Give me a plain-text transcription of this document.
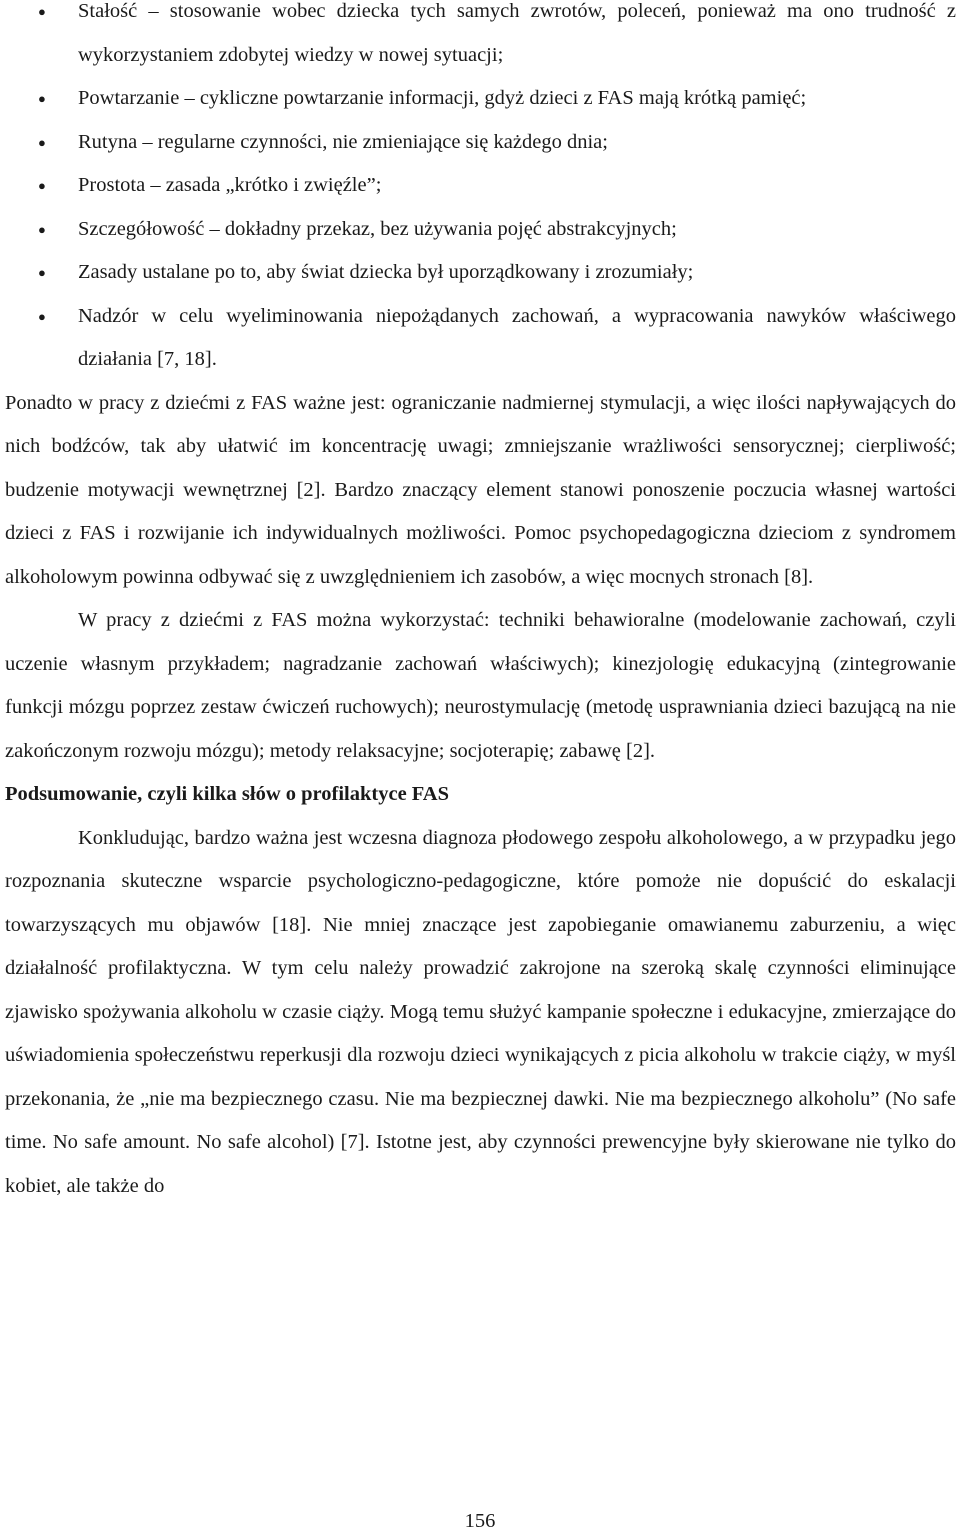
● Stałość – stosowanie wobec dziecka tych samych zwrotów, poleceń, ponieważ ma ono trudność z wykorzystaniem zdobytej wiedzy w nowej sytuacji;
● Powtarzanie – cykliczne powtarzanie informacji, gdyż dzieci z FAS mają krótką pamięć;
● Rutyna – regularne czynności, nie zmieniające się każdego dnia;
● Prostota – zasada „krótko i zwięźle”;
● Szczegółowość – dokładny przekaz, bez używania pojęć abstrakcyjnych;
● Zasady ustalane po to, aby świat dziecka był uporządkowany i zrozumiały;
● Nadzór w celu wyeliminowania niepożądanych zachowań, a wypracowania nawyków właściwego działania [7, 18].

Ponadto w pracy z dziećmi z FAS ważne jest: ograniczanie nadmiernej stymulacji, a więc ilości napływających do nich bodźców, tak aby ułatwić im koncentrację uwagi; zmniejszanie wrażliwości sensorycznej; cierpliwość; budzenie motywacji wewnętrznej [2]. Bardzo znaczący element stanowi ponoszenie poczucia własnej wartości dzieci z FAS i rozwijanie ich indywidualnych możliwości. Pomoc psychopedagogiczna dzieciom z syndromem alkoholowym powinna odbywać się z uwzględnieniem ich zasobów, a więc mocnych stronach [8].

W pracy z dziećmi z FAS można wykorzystać: techniki behawioralne (modelowanie zachowań, czyli uczenie własnym przykładem; nagradzanie zachowań właściwych); kinezjologię edukacyjną (zintegrowanie funkcji mózgu poprzez zestaw ćwiczeń ruchowych); neurostymulację (metodę usprawniania dzieci bazującą na nie zakończonym rozwoju mózgu); metody relaksacyjne; socjoterapię; zabawę [2].

Podsumowanie, czyli kilka słów o profilaktyce FAS

Konkludując, bardzo ważna jest wczesna diagnoza płodowego zespołu alkoholowego, a w przypadku jego rozpoznania skuteczne wsparcie psychologiczno-pedagogiczne, które pomoże nie dopuścić do eskalacji towarzyszących mu objawów [18]. Nie mniej znaczące jest zapobieganie omawianemu zaburzeniu, a więc działalność profilaktyczna. W tym celu należy prowadzić zakrojone na szeroką skalę czynności eliminujące zjawisko spożywania alkoholu w czasie ciąży. Mogą temu służyć kampanie społeczne i edukacyjne, zmierzające do uświadomienia społeczeństwu reperkusji dla rozwoju dzieci wynikających z picia alkoholu w trakcie ciąży, w myśl przekonania, że „nie ma bezpiecznego czasu. Nie ma bezpiecznej dawki. Nie ma bezpiecznego alkoholu” (No safe time. No safe amount. No safe alcohol) [7]. Istotne jest, aby czynności prewencyjne były skierowane nie tylko do kobiet, ale także do

156
